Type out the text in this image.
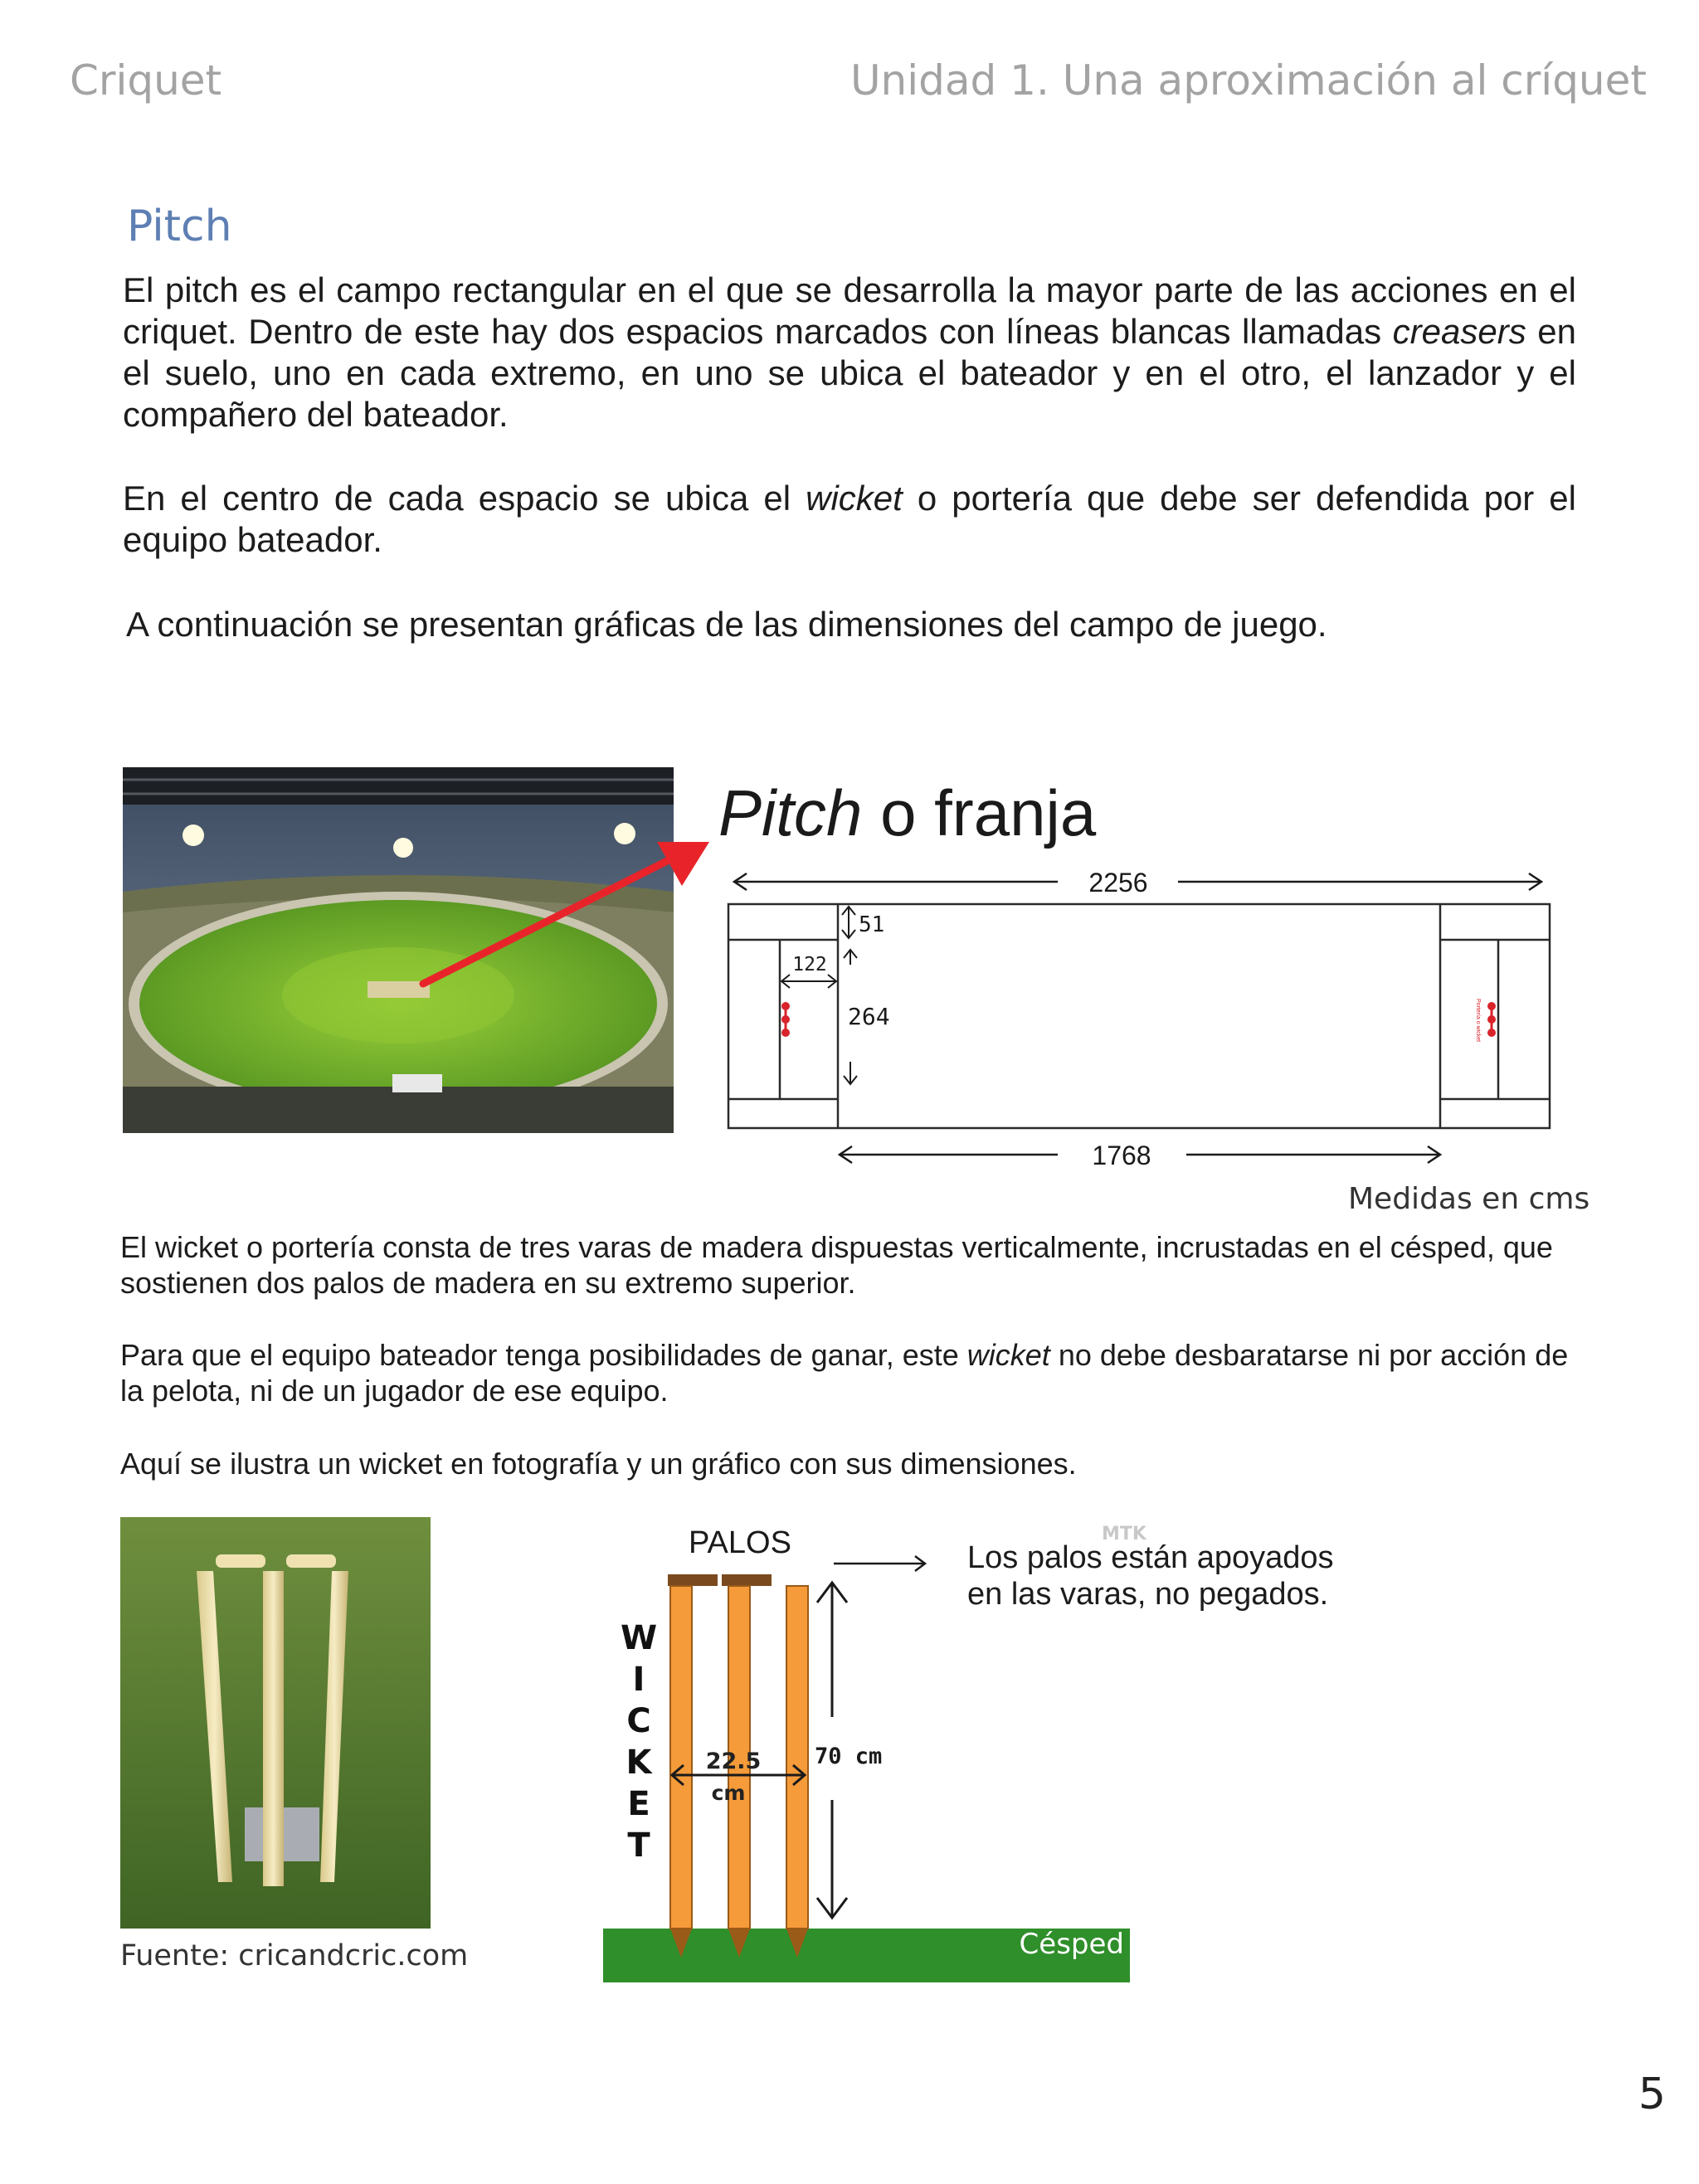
Criquet	Unidad 1. Una aproximación al críquet
Pitch
El pitch es el campo rectangular en el que se desarrolla la mayor parte de las acciones en el criquet. Dentro de este hay dos espacios marcados con líneas blancas llamadas creasers en el suelo, uno en cada extremo, en uno se ubica el bateador y en el otro, el lanzador y el compañero del bateador.
En el centro de cada espacio se ubica el wicket o portería que debe ser defendida por el equipo bateador.
A continuación se presentan gráficas de las dimensiones del campo de juego.
Pitch o franja
2256
Portería o wicket
51
122
264
1768
Medidas en cms
El wicket o portería consta de tres varas de madera dispuestas verticalmente, incrustadas en el césped, que sostienen dos palos de madera en su extremo superior.
Para que el equipo bateador tenga posibilidades de ganar, este wicket no debe desbaratarse ni por acción de la pelota, ni de un jugador de ese equipo.
Aquí se ilustra un wicket en fotografía y un gráfico con sus dimensiones.
Fuente: cricandcric.com
PALOS	MTK
Césped
W
I
C
K
E
T
22.5
cm
70 cm
Los palos están apoyados
en las varas, no pegados.
5
